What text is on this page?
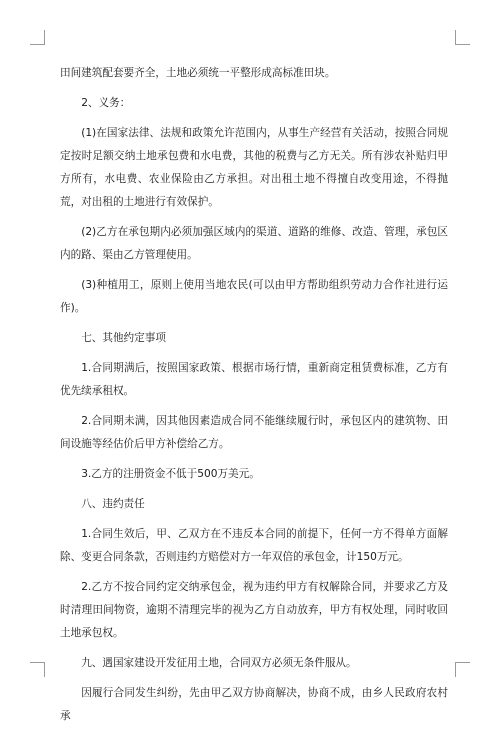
田间建筑配套要齐全，土地必须统一平整形成高标准田块。

2、义务：

(1)在国家法律、法规和政策允许范围内，从事生产经营有关活动，按照合同规定按时足额交纳土地承包费和水电费，其他的税费与乙方无关。所有涉农补贴归甲方所有，水电费、农业保险由乙方承担。对出租土地不得擅自改变用途，不得抛荒，对出租的土地进行有效保护。

(2)乙方在承包期内必须加强区域内的渠道、道路的维修、改造、管理，承包区内的路、渠由乙方管理使用。

(3)种植用工，原则上使用当地农民(可以由甲方帮助组织劳动力合作社进行运作)。

七、其他约定事项

1.合同期满后，按照国家政策、根据市场行情，重新商定租赁费标准，乙方有优先续承租权。

2.合同期未满，因其他因素造成合同不能继续履行时，承包区内的建筑物、田间设施等经估价后甲方补偿给乙方。

3.乙方的注册资金不低于500万美元。

八、违约责任

1.合同生效后，甲、乙双方在不违反本合同的前提下，任何一方不得单方面解除、变更合同条款，否则违约方赔偿对方一年双倍的承包金，计150万元。

2.乙方不按合同约定交纳承包金，视为违约甲方有权解除合同，并要求乙方及时清理田间物资，逾期不清理完毕的视为乙方自动放弃，甲方有权处理，同时收回土地承包权。

九、遇国家建设开发征用土地，合同双方必须无条件服从。

因履行合同发生纠纷，先由甲乙双方协商解决，协商不成，由乡人民政府农村承
